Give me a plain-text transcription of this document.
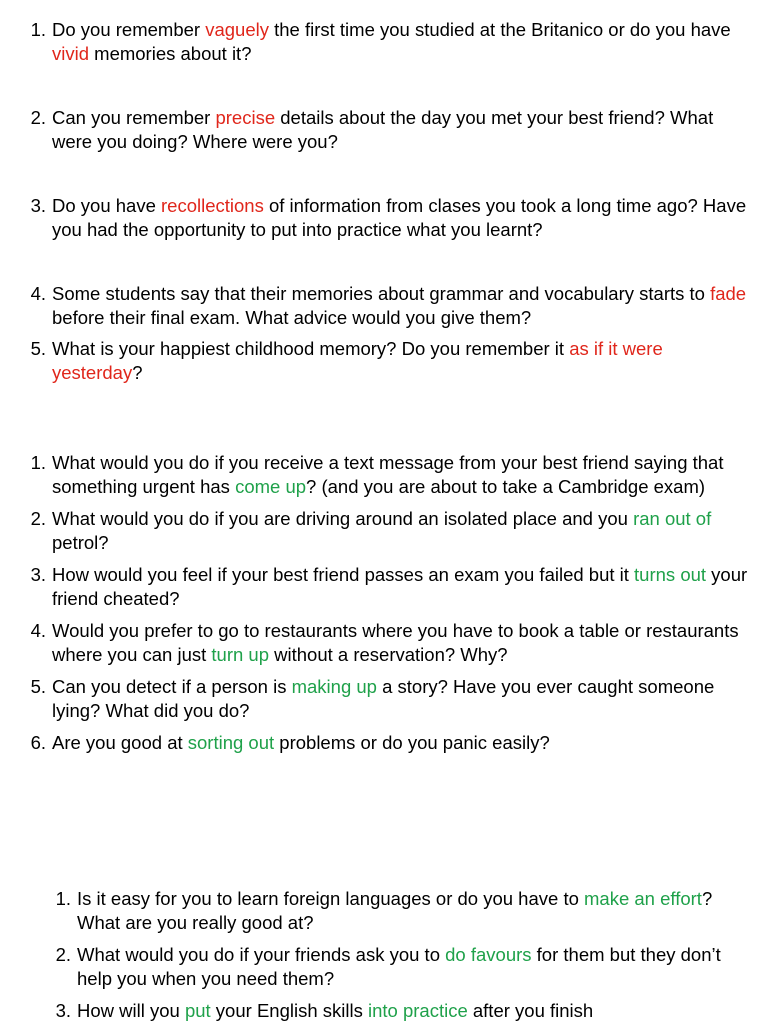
1. Do you remember vaguely the first time you studied at the Britanico or do you have vivid memories about it?
2. Can you remember precise details about the day you met your best friend? What were you doing? Where were you?
3. Do you have recollections of information from clases you took a long time ago? Have you had the opportunity to put into practice what you learnt?
4. Some students say that their memories about grammar and vocabulary starts to fade before their final exam. What advice would you give them?
5. What is your happiest childhood memory? Do you remember it as if it were yesterday?
1. What would you do if you receive a text message from your best friend saying that something urgent has come up? (and you are about to take a Cambridge exam)
2. What would you do if you are driving around an isolated place and you ran out of petrol?
3. How would you feel if your best friend passes an exam you failed but it turns out your friend cheated?
4. Would you prefer to go to restaurants where you have to book a table or restaurants where you can just turn up without a reservation? Why?
5. Can you detect if a person is making up a story? Have you ever caught someone lying? What did you do?
6. Are you good at sorting out problems or do you panic easily?
1. Is it easy for you to learn foreign languages or do you have to make an effort? What are you really good at?
2. What would you do if your friends ask you to do favours for them but they don’t help you when you need them?
3. How will you put your English skills into practice after you finish
